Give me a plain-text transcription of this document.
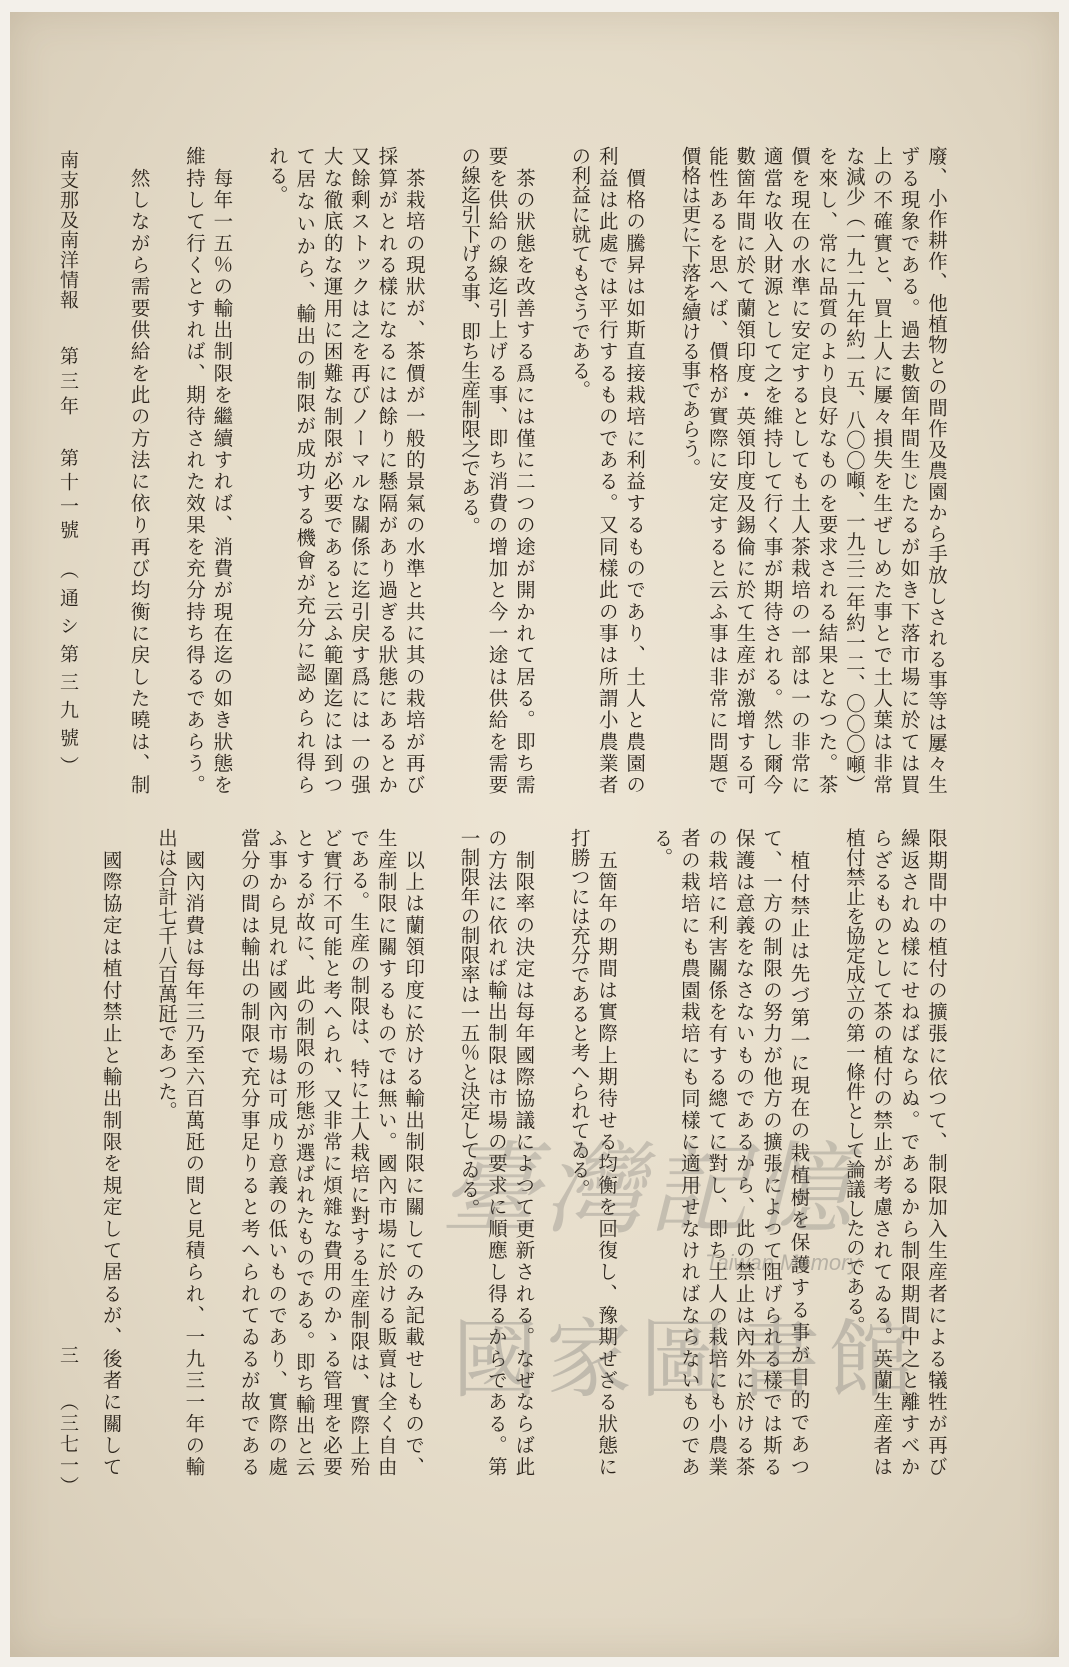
南支那及南洋情報
第三年
第十一號
（通シ第三九號）
三
（三七一）
廢、小作耕作、他植物との間作及農園から手放しされる事等は屢々生
ずる現象である。過去數箇年間生じたるが如き下落市場に於ては買
上の不確實と、買上人に屢々損失を生ぜしめた事とで土人葉は非常
な減少（一九二九年約一五、八〇〇噸、一九三二年約一二、〇〇〇噸）
を來し、常に品質のより良好なものを要求される結果となつた。茶
價を現在の水準に安定するとしても土人茶栽培の一部は一の非常に
適當な收入財源として之を維持して行く事が期待される。然し爾今
數箇年間に於て蘭領印度・英領印度及錫倫に於て生産が激增する可
能性あるを思へば、價格が實際に安定すると云ふ事は非常に問題で
價格は更に下落を續ける事であらう。
　價格の騰昇は如斯直接栽培に利益するものであり、土人と農園の
利益は此處では平行するものである。又同樣此の事は所謂小農業者
の利益に就てもさうである。
　茶の狀態を改善する爲には僅に二つの途が開かれて居る。即ち需
要を供給の線迄引上げる事、即ち消費の增加と今一途は供給を需要
の線迄引下げる事、即ち生産制限之である。
　茶栽培の現狀が、茶價が一般的景氣の水準と共に其の栽培が再び
採算がとれる樣になるには餘りに懸隔があり過ぎる狀態にあるとか
又餘剩ストックは之を再びノーマルな關係に迄引戻す爲には一の强
大な徹底的な運用に困難な制限が必要であると云ふ範圍迄には到つ
て居ないから、輸出の制限が成功する機會が充分に認められ得ら
れる。
　每年一五％の輸出制限を繼續すれば、消費が現在迄の如き狀態を
維持して行くとすれば、期待された效果を充分持ち得るであらう。
　然しながら需要供給を此の方法に依り再び均衡に戻した曉は、制
限期間中の植付の擴張に依つて、制限加入生産者による犠牲が再び
繰返されぬ樣にせねばならぬ。であるから制限期間中之と離すべか
らざるものとして茶の植付の禁止が考慮されてゐる。英蘭生産者は
植付禁止を協定成立の第一條件として論議したのである。
　植付禁止は先づ第一に現在の栽植樹を保護する事が目的であつ
て、一方の制限の努力が他方の擴張によつて阻げられる樣では斯る
保護は意義をなさないものであるから、此の禁止は內外に於ける茶
の栽培に利害關係を有する總てに對し、即ち土人の栽培にも小農業
者の栽培にも農園栽培にも同樣に適用せなければならないものであ
る。
　五箇年の期間は實際上期待せる均衡を回復し、豫期せざる狀態に
打勝つには充分であると考へられてゐる。
　制限率の決定は每年國際協議によつて更新される。なぜならば此
の方法に依れば輸出制限は市場の要求に順應し得るからである。第
一制限年の制限率は一五％と決定してゐる。
　以上は蘭領印度に於ける輸出制限に關してのみ記載せしもので、
生産制限に關するものでは無い。國內市場に於ける販賣は全く自由
である。生産の制限は、特に土人栽培に對する生産制限は、實際上殆
ど實行不可能と考へられ、又非常に煩雜な費用のかゝる管理を必要
とするが故に、此の制限の形態が選ばれたものである。即ち輸出と云
ふ事から見れば國內市場は可成り意義の低いものであり、實際の處
當分の間は輸出の制限で充分事足りると考へられてゐるが故である
　國內消費は每年三乃至六百萬瓩の間と見積られ、一九三一年の輸
出は合計七千八百萬瓩であつた。
　國際協定は植付禁止と輸出制限を規定して居るが、後者に關して	臺灣記憶
Taiwan Memory
國家圖書館
